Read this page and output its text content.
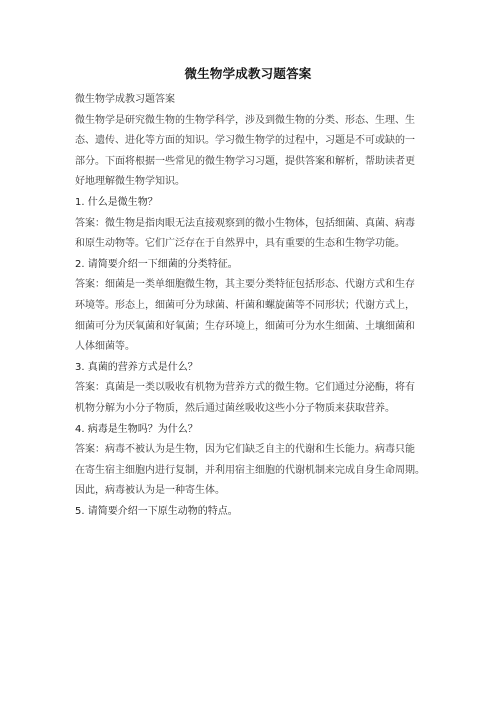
微生物学成教习题答案
微生物学成教习题答案
微生物学是研究微生物的生物学科学，涉及到微生物的分类、形态、生理、生
态、遗传、进化等方面的知识。学习微生物学的过程中，习题是不可或缺的一
部分。下面将根据一些常见的微生物学习习题，提供答案和解析，帮助读者更
好地理解微生物学知识。
1. 什么是微生物？
答案：微生物是指肉眼无法直接观察到的微小生物体，包括细菌、真菌、病毒
和原生动物等。它们广泛存在于自然界中，具有重要的生态和生物学功能。
2. 请简要介绍一下细菌的分类特征。
答案：细菌是一类单细胞微生物，其主要分类特征包括形态、代谢方式和生存
环境等。形态上，细菌可分为球菌、杆菌和螺旋菌等不同形状；代谢方式上，
细菌可分为厌氧菌和好氧菌；生存环境上，细菌可分为水生细菌、土壤细菌和
人体细菌等。
3. 真菌的营养方式是什么？
答案：真菌是一类以吸收有机物为营养方式的微生物。它们通过分泌酶，将有
机物分解为小分子物质，然后通过菌丝吸收这些小分子物质来获取营养。
4. 病毒是生物吗？为什么？
答案：病毒不被认为是生物，因为它们缺乏自主的代谢和生长能力。病毒只能
在寄生宿主细胞内进行复制，并利用宿主细胞的代谢机制来完成自身生命周期。
因此，病毒被认为是一种寄生体。
5. 请简要介绍一下原生动物的特点。
